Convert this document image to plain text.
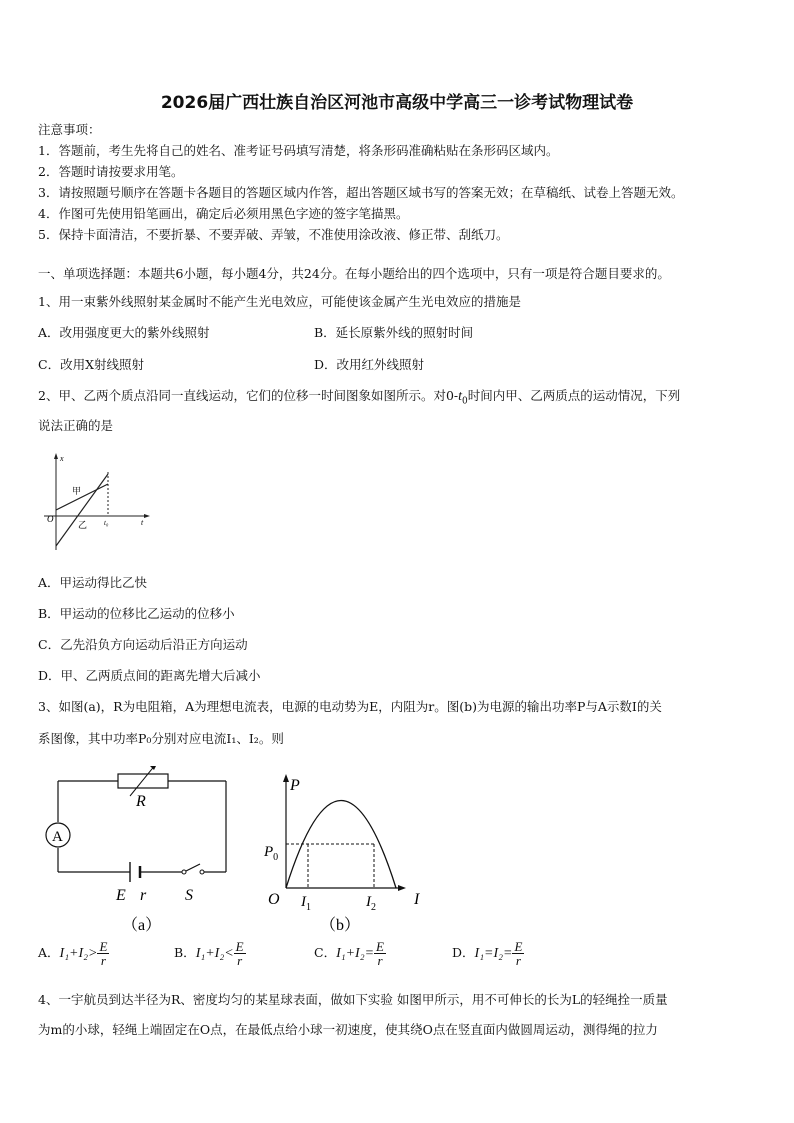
2026届广西壮族自治区河池市高级中学高三一诊考试物理试卷
注意事项：
1．答题前，考生先将自己的姓名、准考证号码填写清楚，将条形码准确粘贴在条形码区域内。
2．答题时请按要求用笔。
3．请按照题号顺序在答题卡各题目的答题区域内作答，超出答题区域书写的答案无效；在草稿纸、试卷上答题无效。
4．作图可先使用铅笔画出，确定后必须用黑色字迹的签字笔描黑。
5．保持卡面清洁，不要折暴、不要弄破、弄皱，不准使用涂改液、修正带、刮纸刀。
一、单项选择题：本题共6小题，每小题4分，共24分。在每小题给出的四个选项中，只有一项是符合题目要求的。
1、用一束紫外线照射某金属时不能产生光电效应，可能使该金属产生光电效应的措施是
A．改用强度更大的紫外线照射	B．延长原紫外线的照射时间
C．改用X射线照射	D．改用红外线照射
2、甲、乙两个质点沿同一直线运动，它们的位移一时间图象如图所示。对$0-t_0$时间内甲、乙两质点的运动情况，下列
说法正确的是
x
t
O
甲
乙 t₀
A．甲运动得比乙快
B．甲运动的位移比乙运动的位移小
C．乙先沿负方向运动后沿正方向运动
D．甲、乙两质点间的距离先增大后减小
3、如图(a)，R为电阻箱，A为理想电流表，电源的电动势为E，内阻为r。图(b)为电源的输出功率P与A示数I的关
系图像，其中功率P₀分别对应电流I₁、I₂。则
R
A
E r S
（a）
P
I
O
$P_0$
$I_1$	$I_2$
（b）
A．$I_1+I_2> \frac{E}{r}$	B．$I_1+I_2< \frac{E}{r}$	C．$I_1+I_2= \frac{E}{r}$	D．$I_1=I_2= \frac{E}{r}$
4、一宇航员到达半径为R、密度均匀的某星球表面，做如下实验 如图甲所示，用不可伸长的长为L的轻绳拴一质量
为m的小球，轻绳上端固定在O点，在最低点给小球一初速度，使其绕O点在竖直面内做圆周运动，测得绳的拉力
